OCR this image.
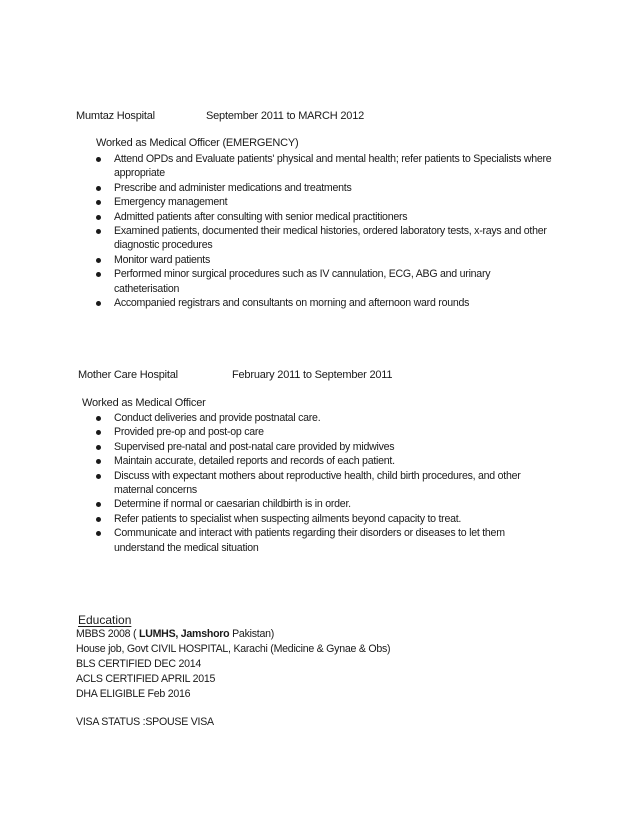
Mumtaz Hospital	September 2011 to MARCH 2012
Worked as Medical Officer (EMERGENCY)
Attend OPDs and Evaluate patients' physical and mental health; refer patients to Specialists where appropriate
Prescribe and administer medications and treatments
Emergency management
Admitted patients after consulting with senior medical practitioners
Examined patients, documented their medical histories, ordered laboratory tests, x-rays and other diagnostic procedures
Monitor ward patients
Performed minor surgical procedures such as IV cannulation, ECG, ABG and urinary catheterisation
Accompanied registrars and consultants on morning and afternoon ward rounds
Mother Care Hospital	February 2011 to September 2011
Worked as Medical Officer
Conduct deliveries and provide postnatal care.
Provided pre-op and post-op care
Supervised pre-natal and post-natal care provided by midwives
Maintain accurate, detailed reports and records of each patient.
Discuss with expectant mothers about reproductive health, child birth procedures, and other maternal concerns
Determine if normal or caesarian childbirth is in order.
Refer patients to specialist when suspecting ailments beyond capacity to treat.
Communicate and interact with patients regarding their disorders or diseases to let them understand the medical situation
Education
MBBS 2008 ( LUMHS, Jamshoro Pakistan)
House job, Govt CIVIL HOSPITAL, Karachi (Medicine & Gynae & Obs)
BLS CERTIFIED DEC 2014
ACLS CERTIFIED APRIL 2015
DHA ELIGIBLE Feb 2016
VISA STATUS :SPOUSE VISA
